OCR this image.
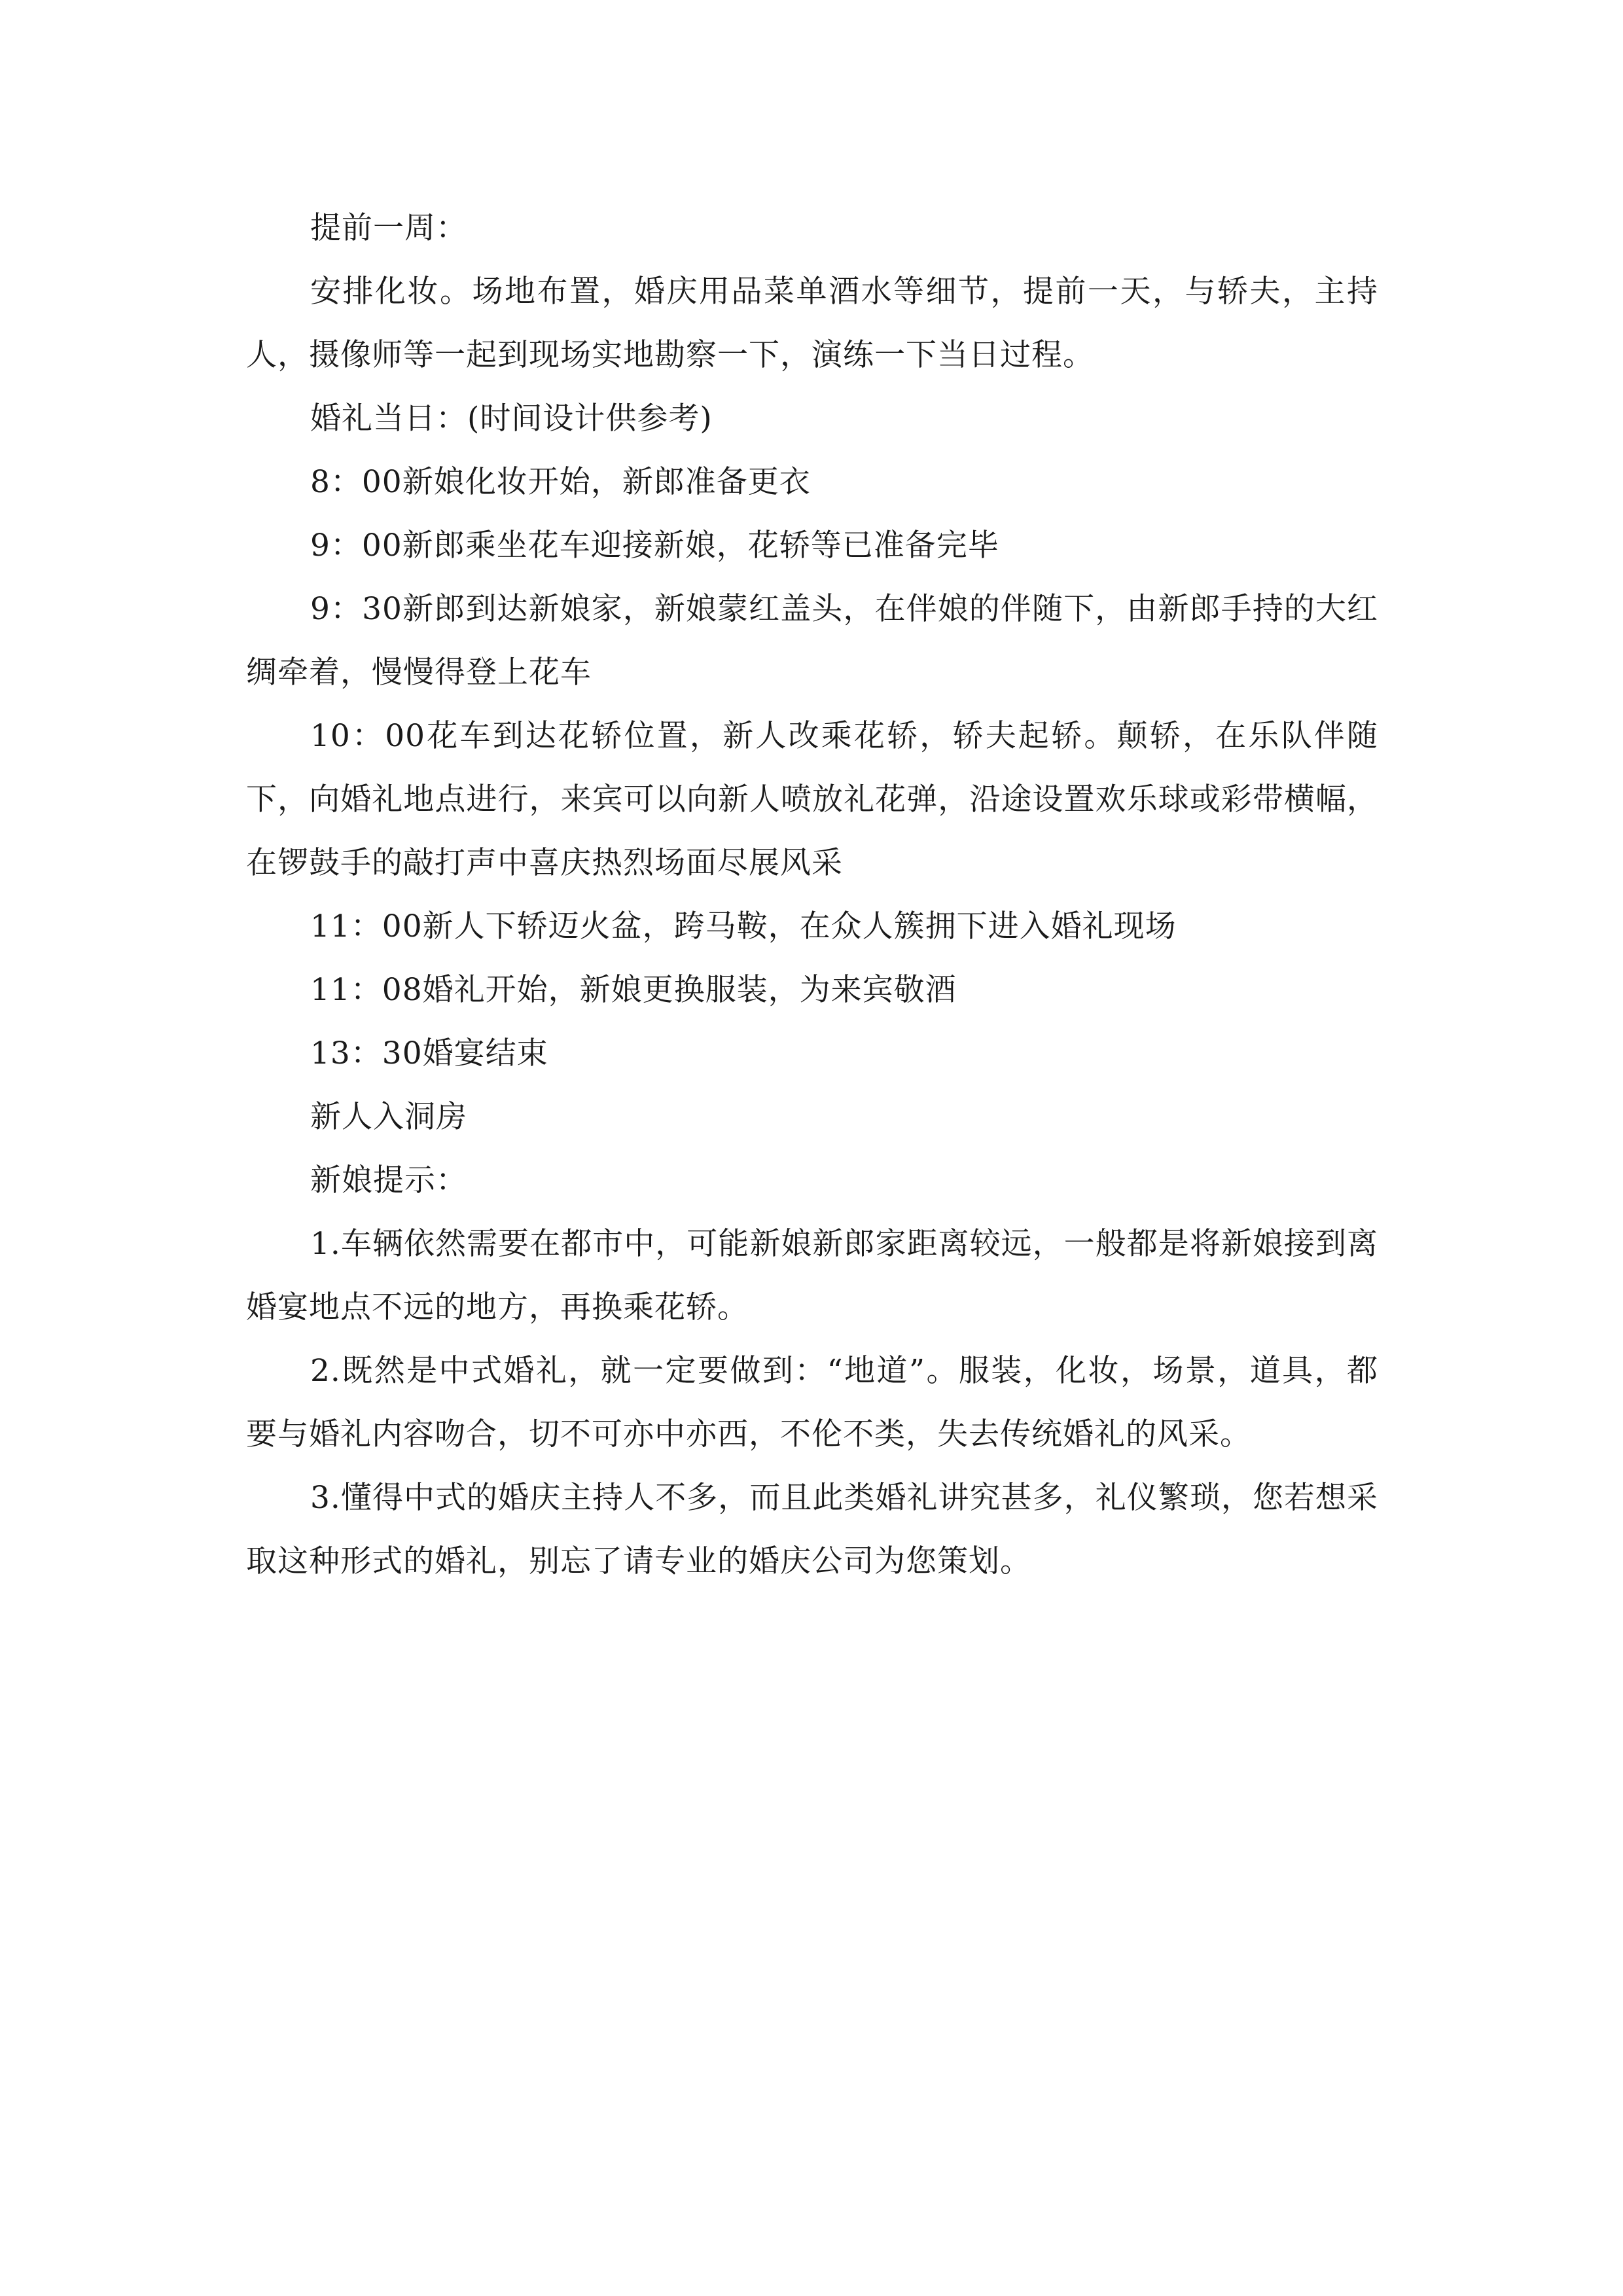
提前一周：

安排化妆。场地布置，婚庆用品菜单酒水等细节，提前一天，与轿夫，主持人，摄像师等一起到现场实地勘察一下，演练一下当日过程。

婚礼当日：(时间设计供参考)

8：00新娘化妆开始，新郎准备更衣

9：00新郎乘坐花车迎接新娘，花轿等已准备完毕

9：30新郎到达新娘家，新娘蒙红盖头，在伴娘的伴随下，由新郎手持的大红绸牵着，慢慢得登上花车

10：00花车到达花轿位置，新人改乘花轿，轿夫起轿。颠轿，在乐队伴随下，向婚礼地点进行，来宾可以向新人喷放礼花弹，沿途设置欢乐球或彩带横幅，在锣鼓手的敲打声中喜庆热烈场面尽展风采

11：00新人下轿迈火盆，跨马鞍，在众人簇拥下进入婚礼现场

11：08婚礼开始，新娘更换服装，为来宾敬酒

13：30婚宴结束

新人入洞房

新娘提示：

1.车辆依然需要在都市中，可能新娘新郎家距离较远，一般都是将新娘接到离婚宴地点不远的地方，再换乘花轿。

2.既然是中式婚礼，就一定要做到：“地道”。服装，化妆，场景，道具，都要与婚礼内容吻合，切不可亦中亦西，不伦不类，失去传统婚礼的风采。

3.懂得中式的婚庆主持人不多，而且此类婚礼讲究甚多，礼仪繁琐，您若想采取这种形式的婚礼，别忘了请专业的婚庆公司为您策划。
